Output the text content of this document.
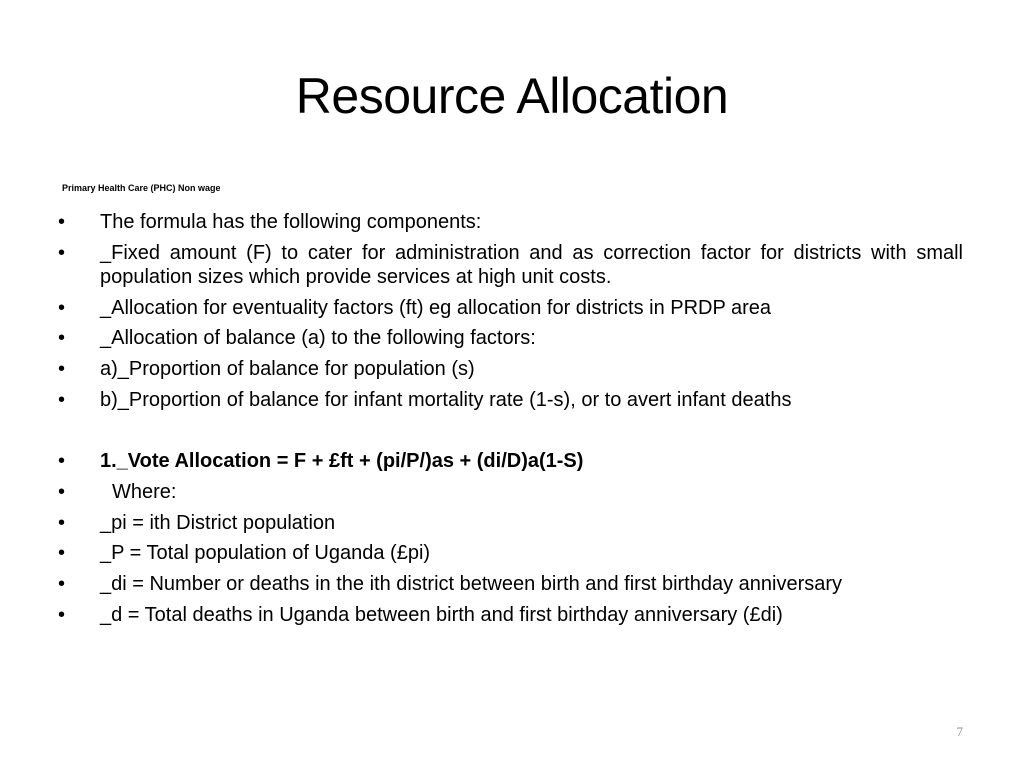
Resource Allocation
Primary Health Care (PHC) Non wage
•	The formula has the following components:
•	_Fixed amount (F) to cater for administration and as correction factor for districts with small population sizes which provide services at high unit costs.
•	_Allocation for eventuality factors (ft) eg allocation for districts in PRDP area
•	_Allocation of balance (a) to the following factors:
•	a)_Proportion of balance for population (s)
•	b)_Proportion of balance for infant mortality rate (1-s), or to avert infant deaths
•	1._Vote Allocation = F + £ft + (pi/P/)as + (di/D)a(1-S)
•	Where:
•	_pi = ith District population
•	_P = Total population of Uganda (£pi)
•	_di = Number or deaths in the ith district between birth and first birthday anniversary
•	_d = Total deaths in Uganda between birth and first birthday anniversary (£di)
7
